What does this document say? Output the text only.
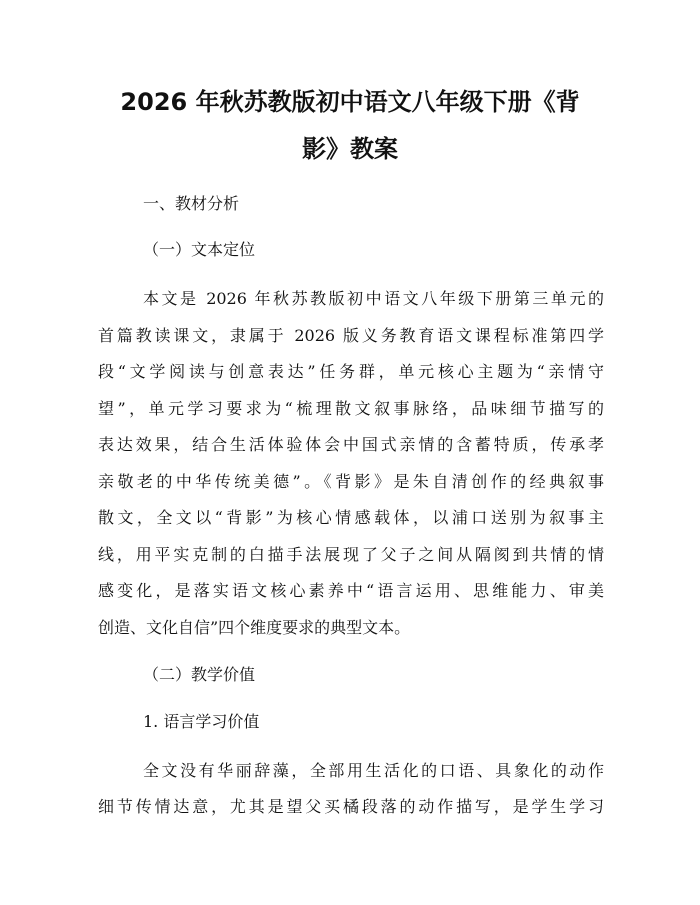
2026 年秋苏教版初中语文八年级下册《背
影》教案

一、教材分析

（一）文本定位

本文是 2026 年秋苏教版初中语文八年级下册第三单元的

首篇教读课文，隶属于 2026 版义务教育语文课程标准第四学

段“文学阅读与创意表达”任务群，单元核心主题为“亲情守

望”，单元学习要求为“梳理散文叙事脉络，品味细节描写的

表达效果，结合生活体验体会中国式亲情的含蓄特质，传承孝

亲敬老的中华传统美德”。《背影》是朱自清创作的经典叙事

散文，全文以“背影”为核心情感载体，以浦口送别为叙事主

线，用平实克制的白描手法展现了父子之间从隔阂到共情的情

感变化，是落实语文核心素养中“语言运用、思维能力、审美

创造、文化自信”四个维度要求的典型文本。

（二）教学价值

1. 语言学习价值

全文没有华丽辞藻，全部用生活化的口语、具象化的动作

细节传情达意，尤其是望父买橘段落的动作描写，是学生学习
